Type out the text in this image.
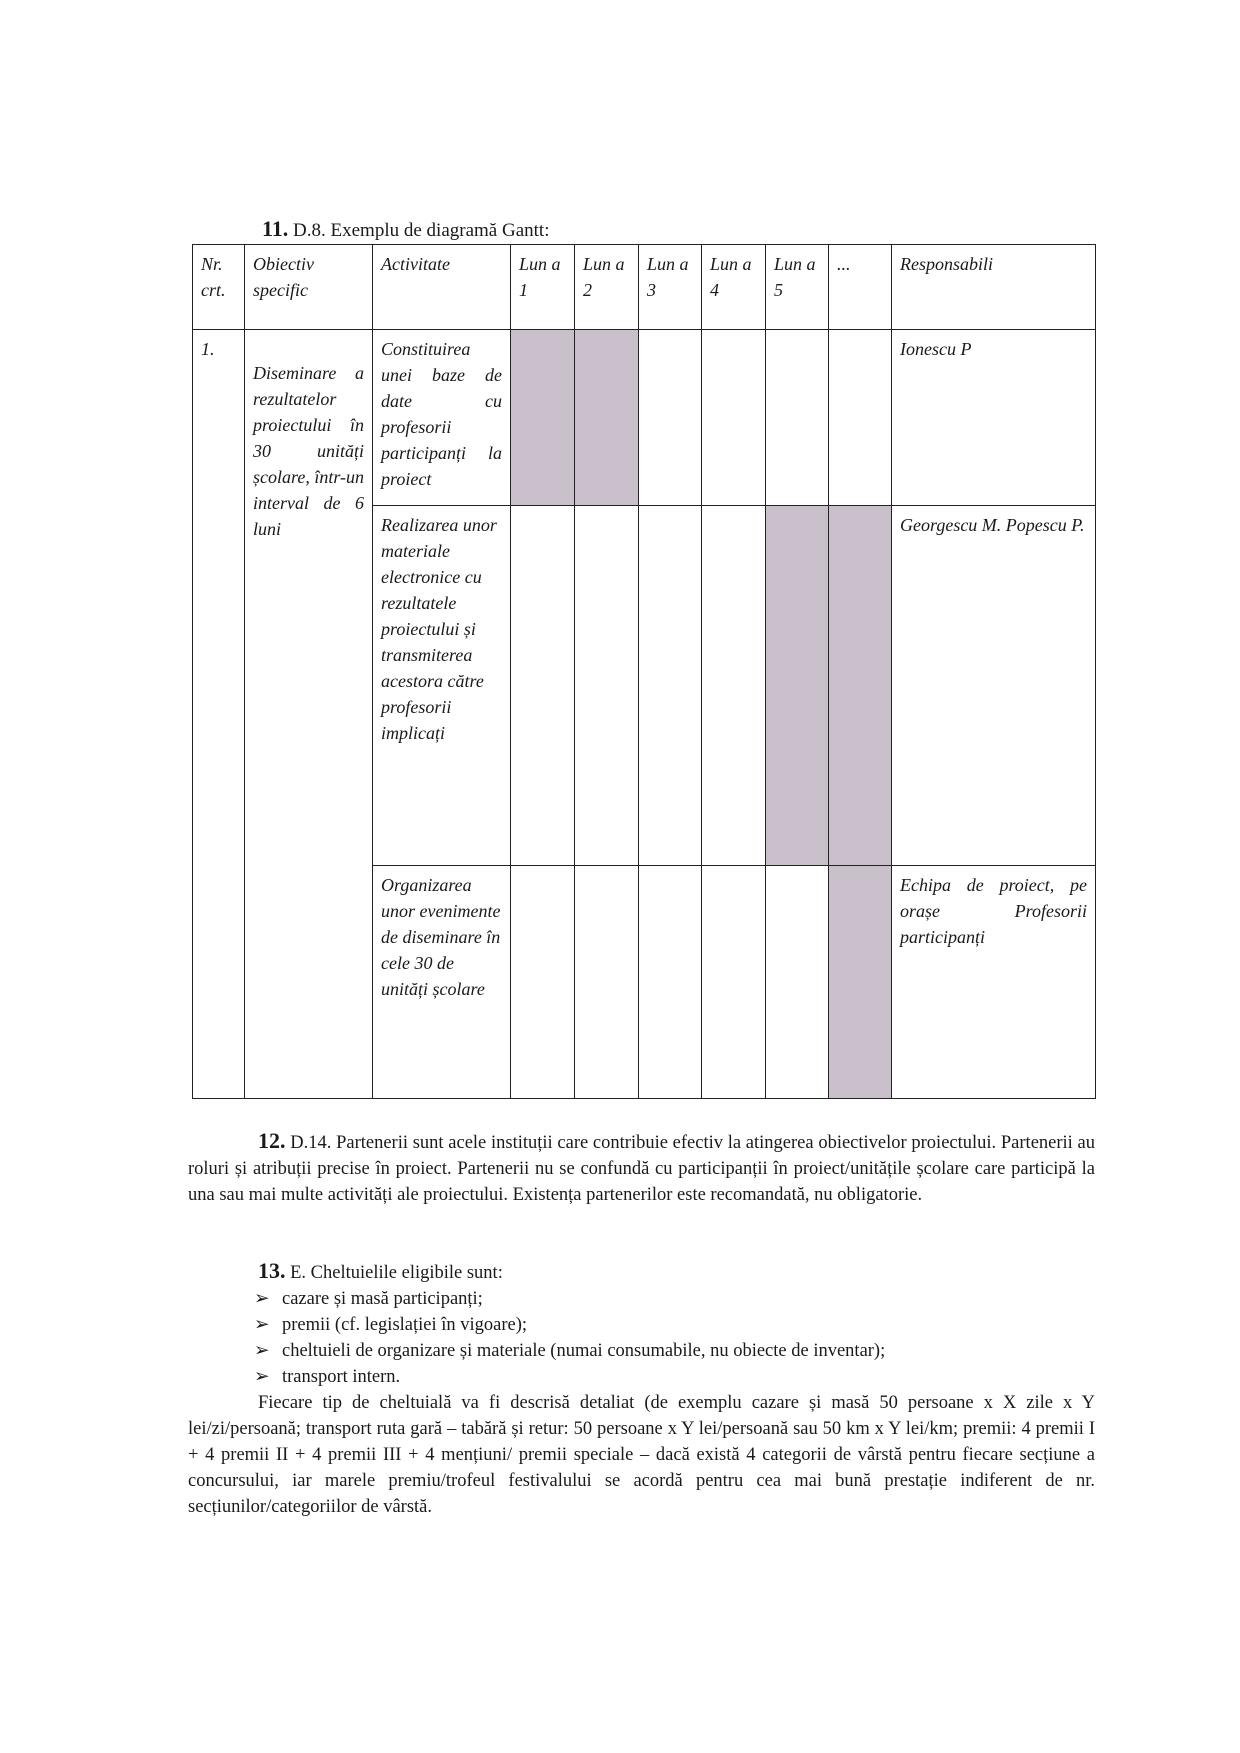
11. D.8. Exemplu de diagramă Gantt:
Nr. crt.	Obiectiv specific	Activitate	Lun a 1	Lun a 2	Lun a 3	Lun a 4	Lun a 5	...	Responsabili
1.	Diseminare a rezultatelor proiectului în 30 unități școlare, într-un interval de 6 luni	Constituirea unei baze de date cu profesorii participanți la proiect							Ionescu P
		Realizarea unor materiale electronice cu rezultatele proiectului și transmiterea acestora către profesorii implicați							Georgescu M. Popescu P.
		Organizarea unor evenimente de diseminare în cele 30 de unități școlare							Echipa de proiect, pe orașe Profesorii participanți
12. D.14. Partenerii sunt acele instituții care contribuie efectiv la atingerea obiectivelor proiectului. Partenerii au roluri și atribuții precise în proiect. Partenerii nu se confundă cu participanții în proiect/unitățile școlare care participă la una sau mai multe activități ale proiectului. Existența partenerilor este recomandată, nu obligatorie.
13. E. Cheltuielile eligibile sunt:
➢ cazare și masă participanți;
➢ premii (cf. legislației în vigoare);
➢ cheltuieli de organizare și materiale (numai consumabile, nu obiecte de inventar);
➢ transport intern.
Fiecare tip de cheltuială va fi descrisă detaliat (de exemplu cazare și masă 50 persoane x X zile x Y lei/zi/persoană; transport ruta gară – tabără și retur: 50 persoane x Y lei/persoană sau 50 km x Y lei/km; premii: 4 premii I + 4 premii II + 4 premii III + 4 mențiuni/ premii speciale – dacă există 4 categorii de vârstă pentru fiecare secțiune a concursului, iar marele premiu/trofeul festivalului se acordă pentru cea mai bună prestație indiferent de nr. secțiunilor/categoriilor de vârstă.
